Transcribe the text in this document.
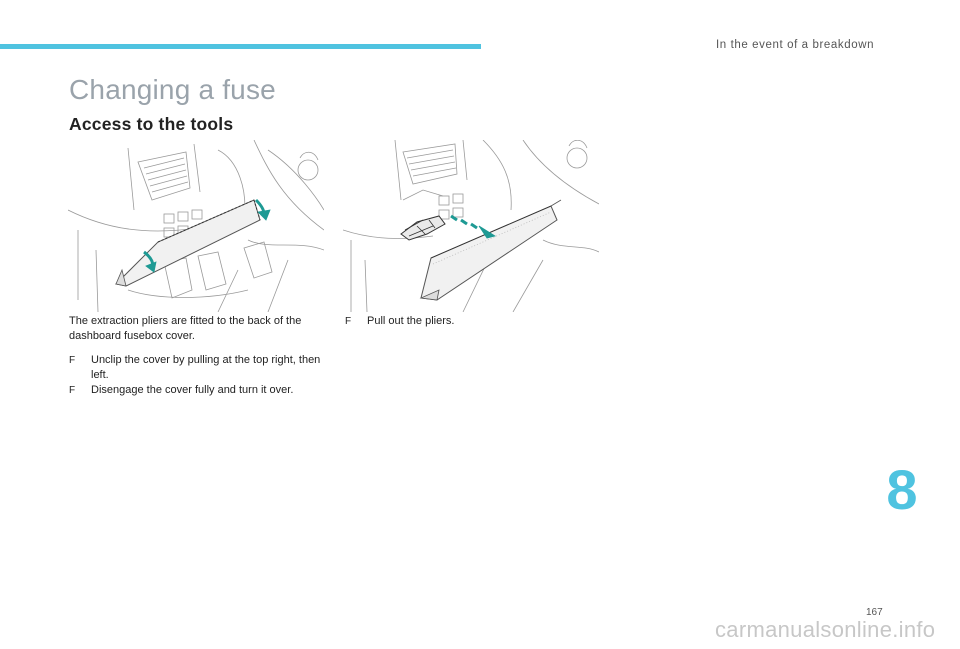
In the event of a breakdown
Changing a fuse
Access to the tools

The extraction pliers are fitted to the back of the dashboard fusebox cover.

F Unclip the cover by pulling at the top right, then left.

F Disengage the cover fully and turn it over.

F Pull out the pliers.

8
167
carmanualsonline.info
